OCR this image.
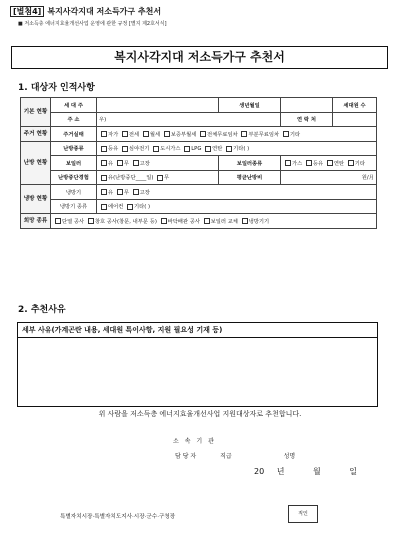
[별첨4] 복지사각지대 저소득가구 추천서
■ 저소득층 에너지효율개선사업 운영에 관한 규정 [별지 제2호서식]
복지사각지대 저소득가구 추천서
1. 대상자 인적사항
기본 현황	세 대 주		생년월일		세대원 수
	주 소	우)		연 락 처	
주거 현황	주거실태	자가 전세 월세 보증부월세 전체무료임차 부분무료임차 기타			
난방 현황	난방종류	등유 심야전기 도시가스 LPG 연탄 기타( )			
	보일러	유 무 고장	보일러종류	가스 등유 연탄 기타	
	난방중단경험	유(난방중단____일) 무	평균난방비	원/月	
냉방 현황	냉방기	유 무 고장			
	냉방기 종류	에어컨 기타( )			
희망 종류	단열 공사 창호 공사(창문, 내부문 등) 바닥배관 공사 보일러 교체 냉방기기				
2. 추천사유
세부 사유(가계곤란 내용, 세대원 특이사항, 지원 필요성 기재 등)
위 사람을 저소득층 에너지효율개선사업 지원대상자로 추천합니다.
소 속 기 관
담 당 자	직급	성명
20 년	월	일
특별자치시장·특별자치도지사·시장·군수·구청장	직인
